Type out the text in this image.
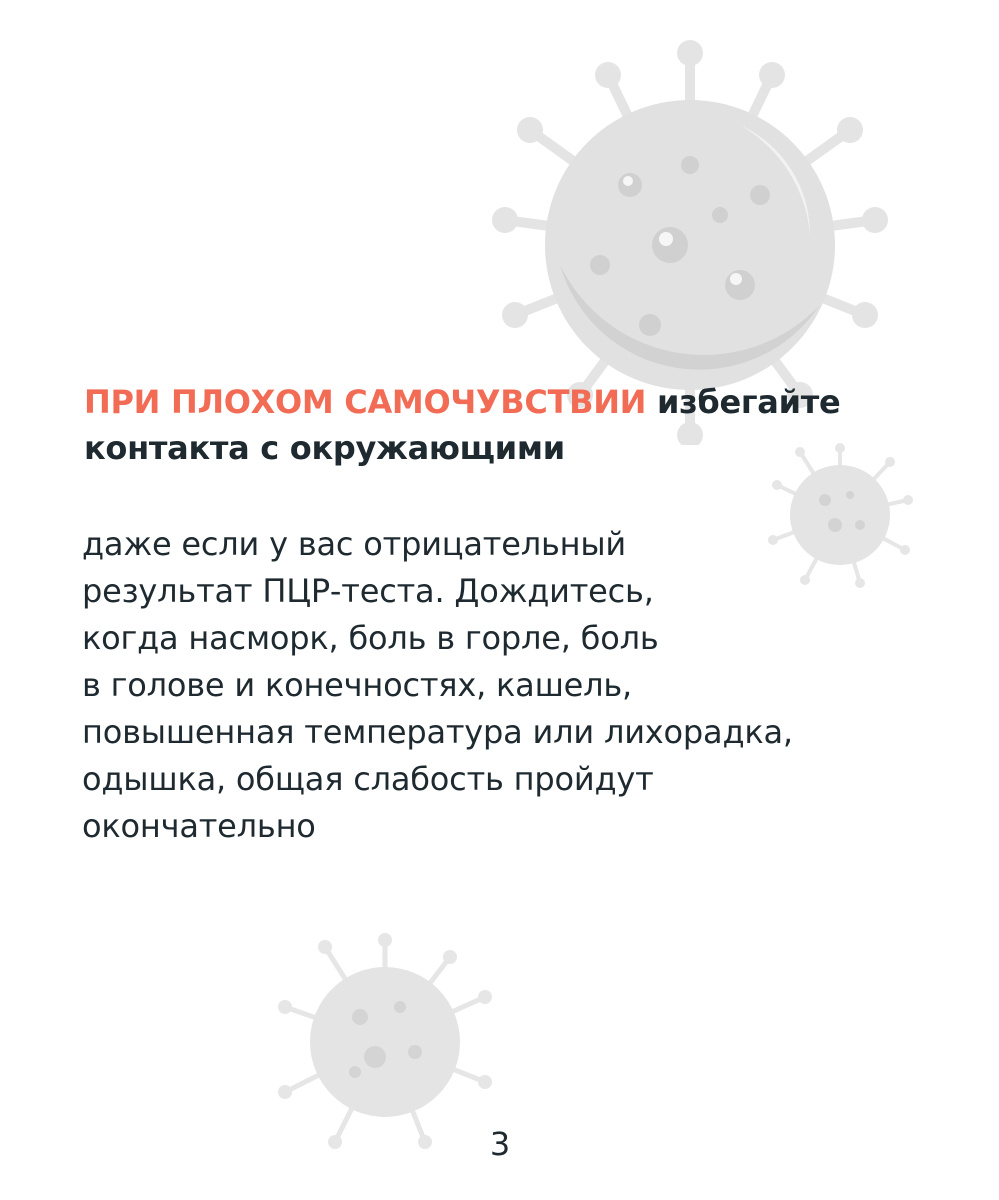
ПРИ ПЛОХОМ САМОЧУВСТВИИ избегайте
контакта с окружающими

даже если у вас отрицательный
результат ПЦР-теста. Дождитесь,
когда насморк, боль в горле, боль
в голове и конечностях, кашель,
повышенная температура или лихорадка,
одышка, общая слабость пройдут
окончательно

3
